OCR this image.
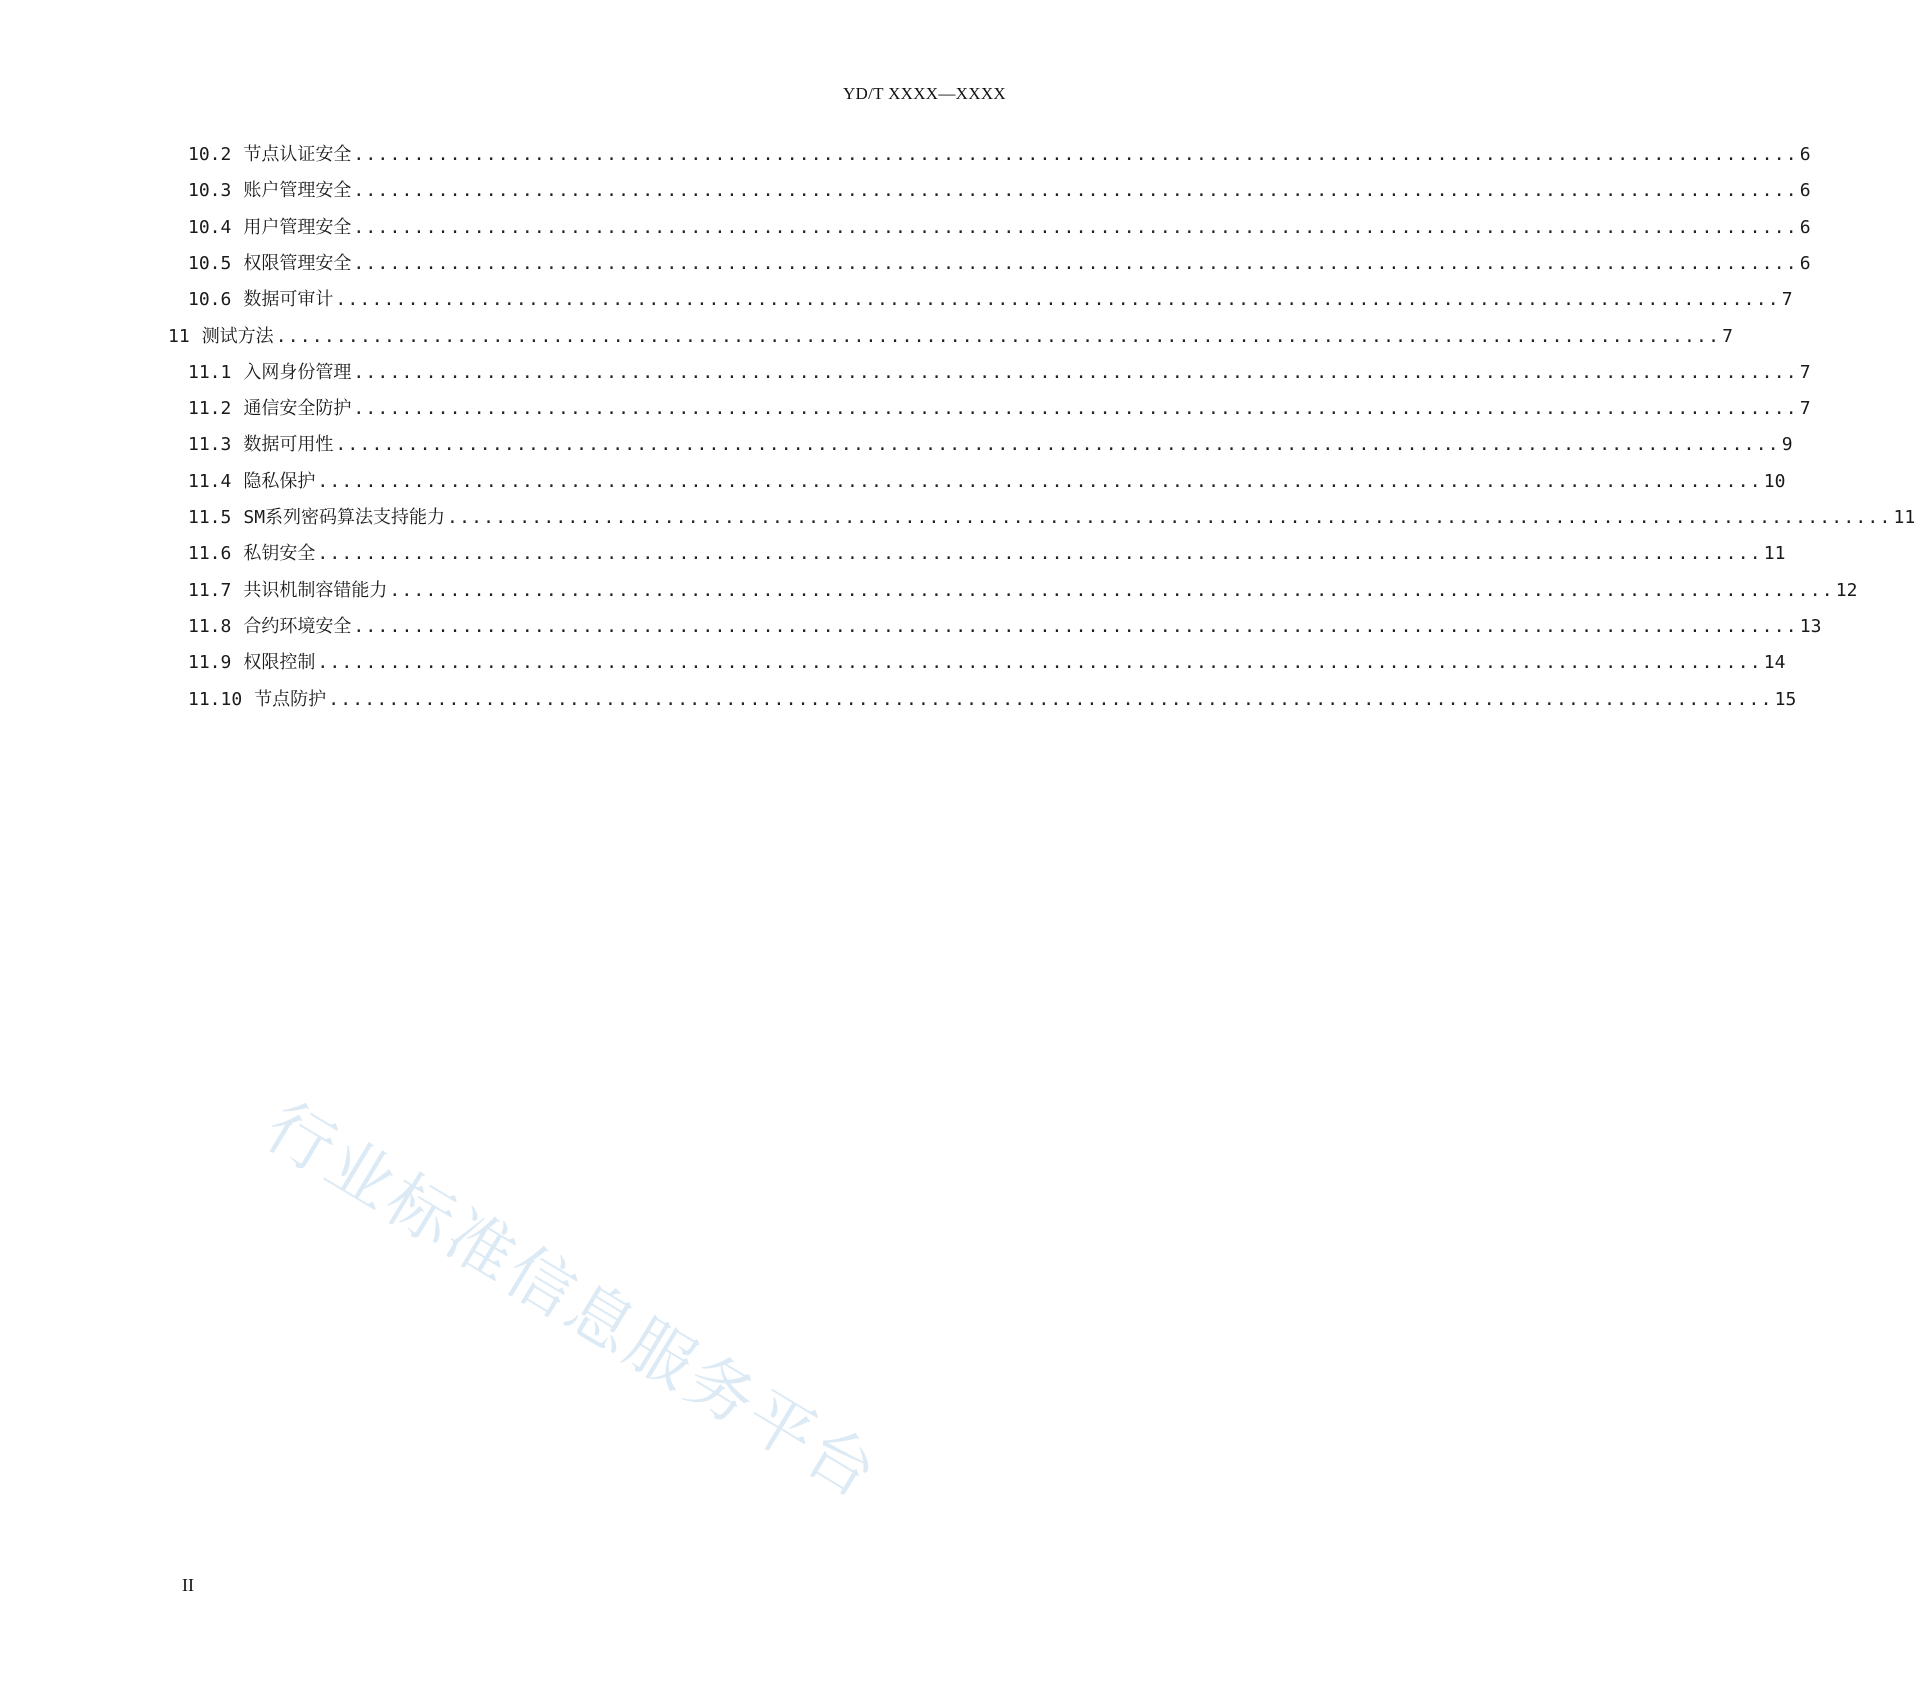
YD/T XXXX—XXXX
10.2 节点认证安全 ........................................................................................................................ 6
10.3 账户管理安全 ........................................................................................................................ 6
10.4 用户管理安全 ........................................................................................................................ 6
10.5 权限管理安全 ........................................................................................................................ 6
10.6 数据可审计 ........................................................................................................................ 7
11 测试方法 ........................................................................................................................ 7
11.1 入网身份管理 ........................................................................................................................ 7
11.2 通信安全防护 ........................................................................................................................ 7
11.3 数据可用性 ........................................................................................................................ 9
11.4 隐私保护 ........................................................................................................................ 10
11.5 SM系列密码算法支持能力 ........................................................................................................................ 11
11.6 私钥安全 ........................................................................................................................ 11
11.7 共识机制容错能力 ........................................................................................................................ 12
11.8 合约环境安全 ........................................................................................................................ 13
11.9 权限控制 ........................................................................................................................ 14
11.10 节点防护 ........................................................................................................................ 15
II
行业标准信息服务平台
